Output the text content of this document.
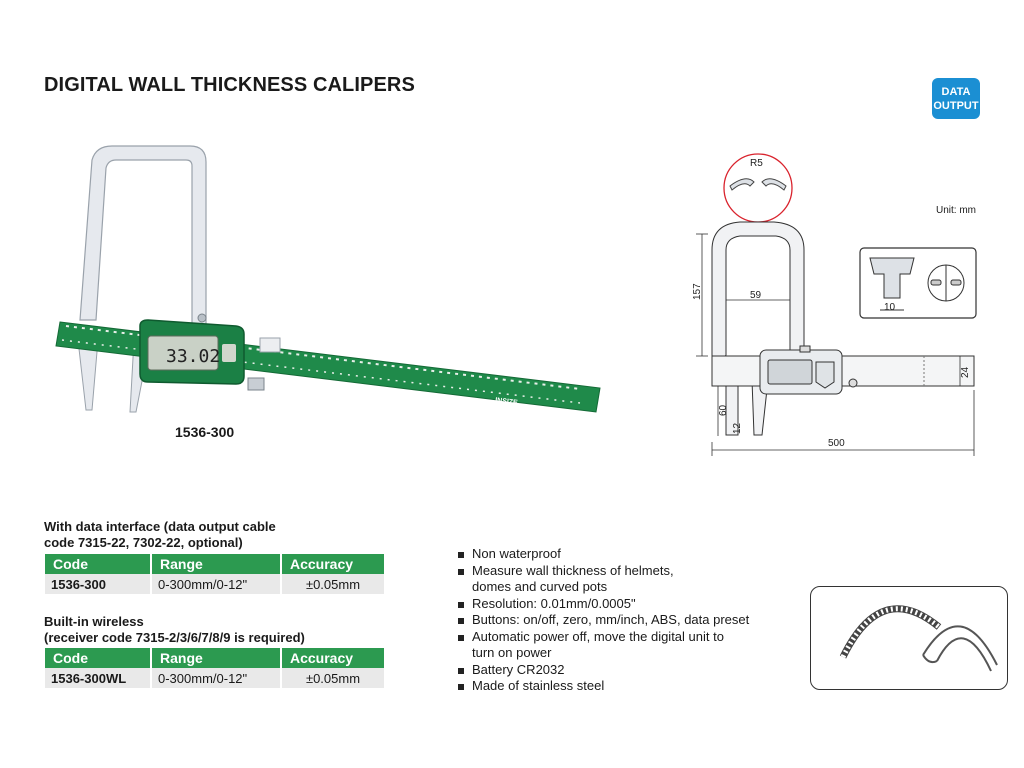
DIGITAL WALL THICKNESS CALIPERS	DATA
OUTPUT
INSIZE
33.02
1536-300
R5
10
157	59
24
60
12
500
Unit: mm
With data interface (data output cable
code 7315-22, 7302-22, optional)
Code	Range	Accuracy
1536-300	0-300mm/0-12"	±0.05mm
Built-in wireless
(receiver code 7315-2/3/6/7/8/9 is required)
Code	Range	Accuracy
1536-300WL	0-300mm/0-12"	±0.05mm
Non waterproof
Measure wall thickness of helmets,
domes and curved pots
Resolution: 0.01mm/0.0005"
Buttons: on/off, zero, mm/inch, ABS, data preset
Automatic power off, move the digital unit to
turn on power
Battery CR2032
Made of stainless steel
